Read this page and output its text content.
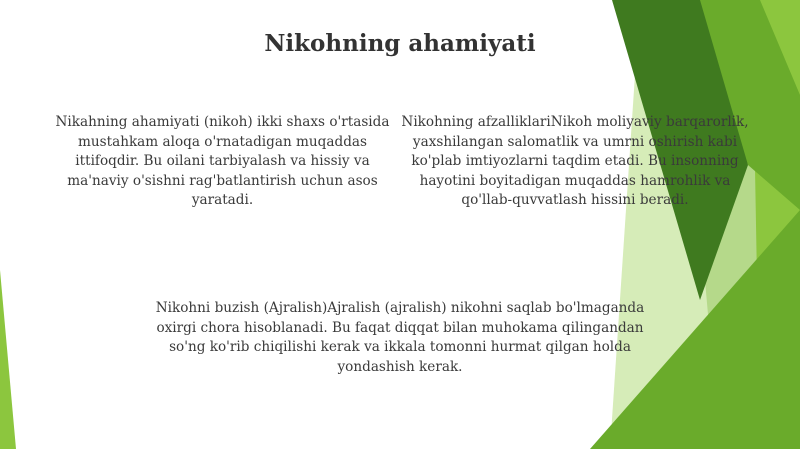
Nikohning ahamiyati

Nikahning ahamiyati (nikoh) ikki shaxs o'rtasida mustahkam aloqa o'rnatadigan muqaddas ittifoqdir. Bu oilani tarbiyalash va hissiy va ma'naviy o'sishni rag'batlantirish uchun asos yaratadi.

Nikohning afzalliklariNikoh moliyaviy barqarorlik, yaxshilangan salomatlik va umrni oshirish kabi ko'plab imtiyozlarni taqdim etadi. Bu insonning hayotini boyitadigan muqaddas hamrohlik va qo'llab-quvvatlash hissini beradi.

Nikohni buzish (Ajralish)Ajralish (ajralish) nikohni saqlab bo'lmaganda oxirgi chora hisoblanadi. Bu faqat diqqat bilan muhokama qilingandan so'ng ko'rib chiqilishi kerak va ikkala tomonni hurmat qilgan holda yondashish kerak.
